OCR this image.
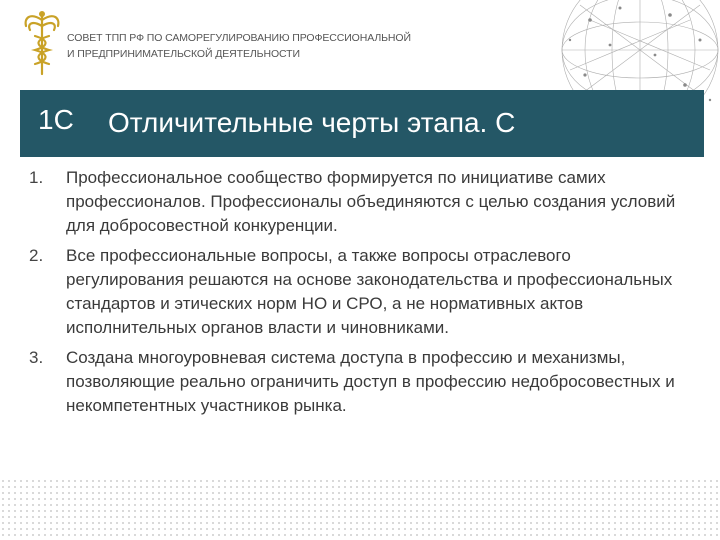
СОВЕТ ТПП РФ ПО САМОРЕГУЛИРОВАНИЮ ПРОФЕССИОНАЛЬНОЙ
И ПРЕДПРИНИМАТЕЛЬСКОЙ ДЕЯТЕЛЬНОСТИ
1С Отличительные черты этапа. С
1. Профессиональное сообщество формируется по инициативе самих профессионалов. Профессионалы объединяются с целью создания условий для добросовестной конкуренции.
2. Все профессиональные вопросы, а также вопросы отраслевого регулирования решаются на основе законодательства и профессиональных стандартов и этических норм НО и СРО, а не нормативных актов исполнительных органов власти и чиновниками.
3. Создана многоуровневая система доступа в профессию и механизмы, позволяющие реально ограничить доступ в профессию недобросовестных и некомпетентных участников рынка.
